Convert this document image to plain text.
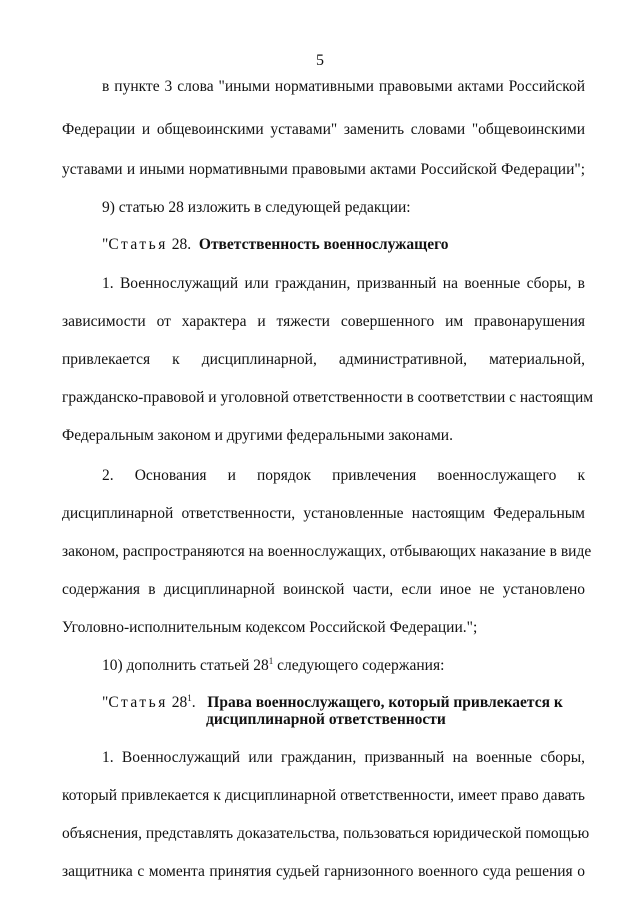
5
в пункте 3 слова "иными нормативными правовыми актами Российской
Федерации и общевоинскими уставами" заменить словами "общевоинскими
уставами и иными нормативными правовыми актами Российской Федерации";
9) статью 28 изложить в следующей редакции:
"Статья 28. Ответственность военнослужащего
1. Военнослужащий или гражданин, призванный на военные сборы, в
зависимости от характера и тяжести совершенного им правонарушения
привлекается к дисциплинарной, административной, материальной,
гражданско-правовой и уголовной ответственности в соответствии с настоящим
Федеральным законом и другими федеральными законами.
2. Основания и порядок привлечения военнослужащего к
дисциплинарной ответственности, установленные настоящим Федеральным
законом, распространяются на военнослужащих, отбывающих наказание в виде
содержания в дисциплинарной воинской части, если иное не установлено
Уголовно-исполнительным кодексом Российской Федерации.";
10) дополнить статьей $28^1$ следующего содержания:
"Статья $28^1$. Права военнослужащего, который привлекается к
дисциплинарной ответственности
1. Военнослужащий или гражданин, призванный на военные сборы,
который привлекается к дисциплинарной ответственности, имеет право давать
объяснения, представлять доказательства, пользоваться юридической помощью
защитника с момента принятия судьей гарнизонного военного суда решения о
